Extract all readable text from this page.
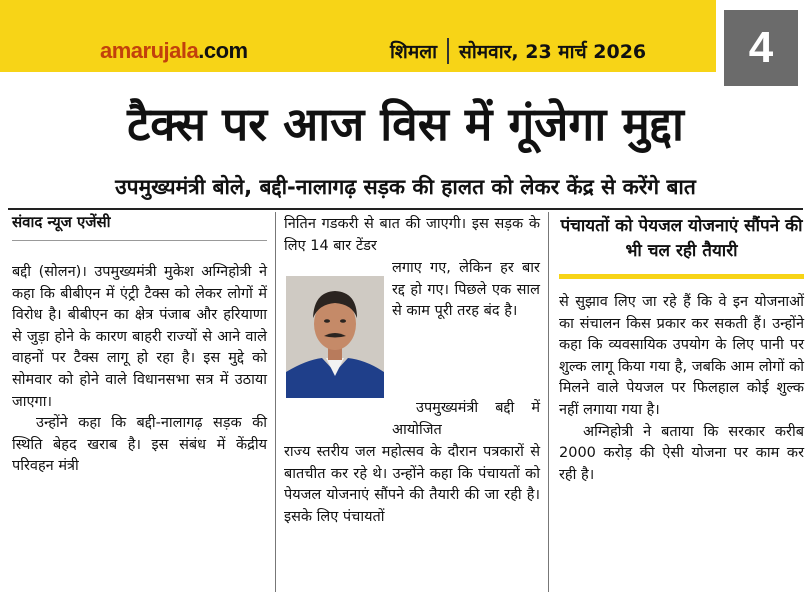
amarujala.com	शिमला सोमवार, 23 मार्च 2026	4
टैक्स पर आज विस में गूंजेगा मुद्दा
उपमुख्यमंत्री बोले, बद्दी-नालागढ़ सड़क की हालत को लेकर केंद्र से करेंगे बात
संवाद न्यूज एजेंसी

बद्दी (सोलन)। उपमुख्यमंत्री मुकेश अग्निहोत्री ने कहा कि बीबीएन में एंट्री टैक्स को लेकर लोगों में विरोध है। बीबीएन का क्षेत्र पंजाब और हरियाणा से जुड़ा होने के कारण बाहरी राज्यों से आने वाले वाहनों पर टैक्स लागू हो रहा है। इस मुद्दे को सोमवार को होने वाले विधानसभा सत्र में उठाया जाएगा।

उन्होंने कहा कि बद्दी-नालागढ़ सड़क की स्थिति बेहद खराब है। इस संबंध में केंद्रीय परिवहन मंत्री

नितिन गडकरी से बात की जाएगी। इस सड़क के लिए 14 बार टेंडर
लगाए गए, लेकिन हर बार रद्द हो गए। पिछले एक साल से काम पूरी तरह बंद है।
उपमुख्यमंत्री बद्दी में आयोजित
राज्य स्तरीय जल महोत्सव के दौरान पत्रकारों से बातचीत कर रहे थे। उन्होंने कहा कि पंचायतों को पेयजल योजनाएं सौंपने की तैयारी की जा रही है। इसके लिए पंचायतों
पंचायतों को पेयजल योजनाएं सौंपने की भी चल रही तैयारी

से सुझाव लिए जा रहे हैं कि वे इन योजनाओं का संचालन किस प्रकार कर सकती हैं। उन्होंने कहा कि व्यवसायिक उपयोग के लिए पानी पर शुल्क लागू किया गया है, जबकि आम लोगों को मिलने वाले पेयजल पर फिलहाल कोई शुल्क नहीं लगाया गया है।

अग्निहोत्री ने बताया कि सरकार करीब 2000 करोड़ की ऐसी योजना पर काम कर रही है।
